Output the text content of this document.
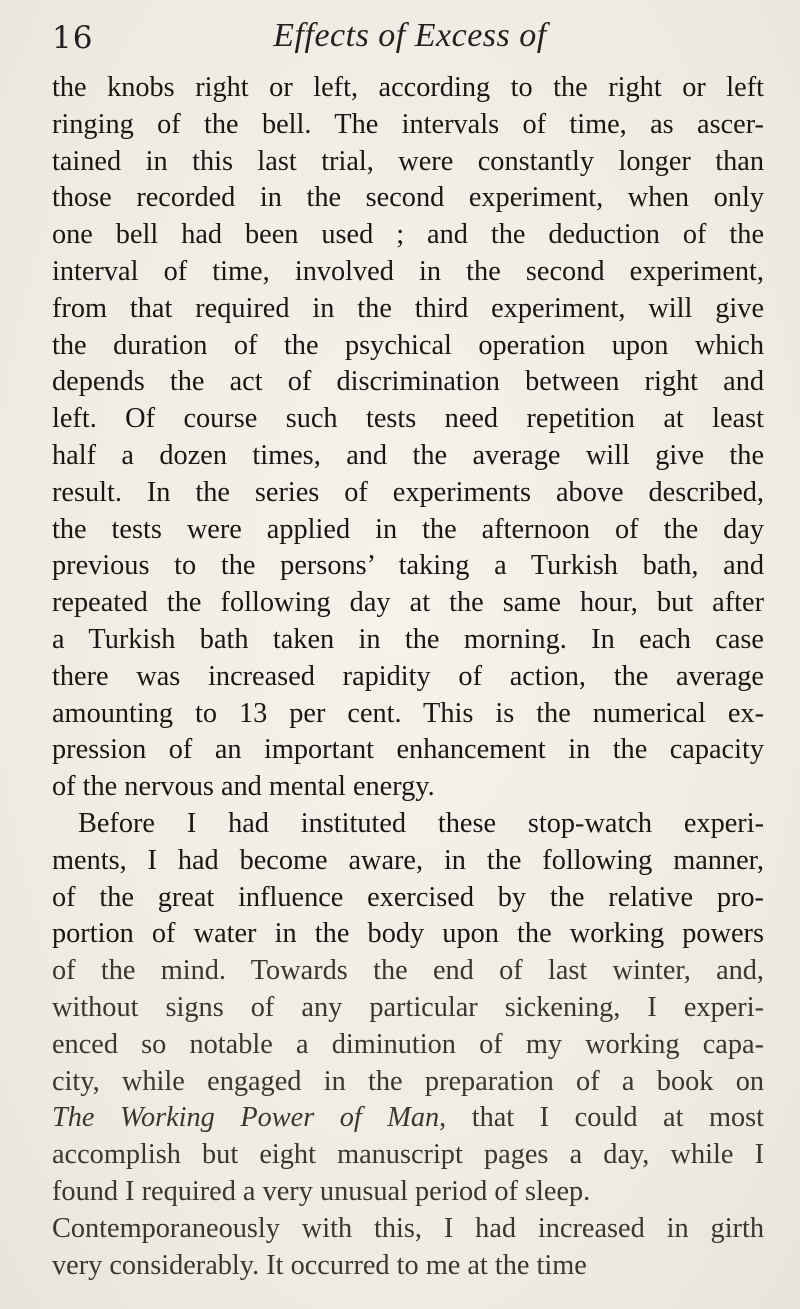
16	Effects of Excess of
the knobs right or left, according to the right or left
ringing of the bell. The intervals of time, as ascer-
tained in this last trial, were constantly longer than
those recorded in the second experiment, when only
one bell had been used ; and the deduction of the
interval of time, involved in the second experiment,
from that required in the third experiment, will give
the duration of the psychical operation upon which
depends the act of discrimination between right and
left. Of course such tests need repetition at least
half a dozen times, and the average will give the
result. In the series of experiments above described,
the tests were applied in the afternoon of the day
previous to the persons’ taking a Turkish bath, and
repeated the following day at the same hour, but after
a Turkish bath taken in the morning. In each case
there was increased rapidity of action, the average
amounting to 13 per cent. This is the numerical ex-
pression of an important enhancement in the capacity
of the nervous and mental energy.
Before I had instituted these stop-watch experi-
ments, I had become aware, in the following manner,
of the great influence exercised by the relative pro-
portion of water in the body upon the working powers
of the mind. Towards the end of last winter, and,
without signs of any particular sickening, I experi-
enced so notable a diminution of my working capa-
city, while engaged in the preparation of a book on
The Working Power of Man, that I could at most
accomplish but eight manuscript pages a day, while I
found I required a very unusual period of sleep.
Contemporaneously with this, I had increased in girth
very considerably. It occurred to me at the time
